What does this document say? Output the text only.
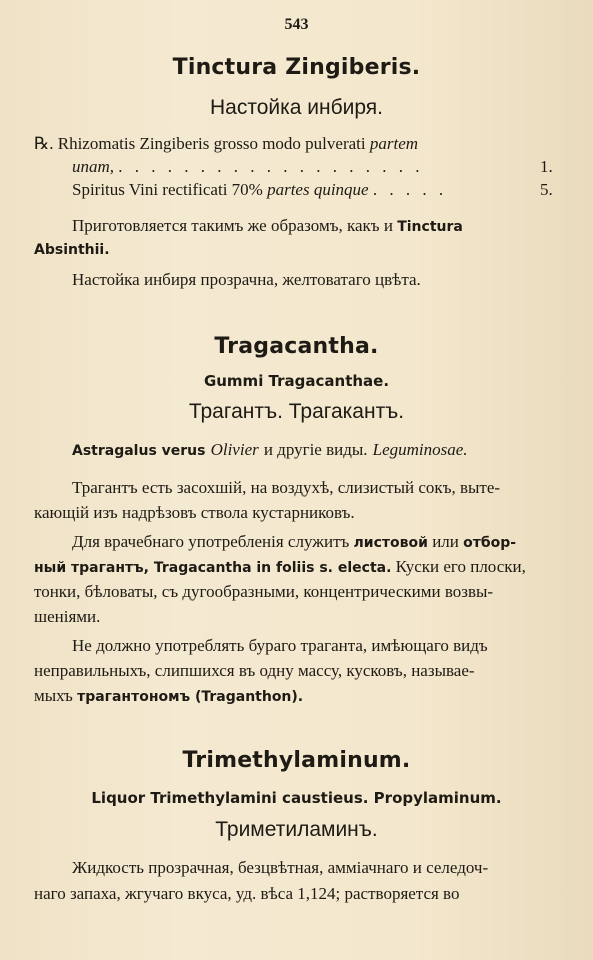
543
Tinctura Zingiberis.
Настойка инбиря.
℞. Rhizomatis Zingiberis grosso modo pulverati partem
unam, . . . . . . . . . . . . . . . . . . .	1.
Spiritus Vini rectificati 70% partes quinque . . . . .	5.
Приготовляется такимъ же образомъ, какъ и Tinctura
Absinthii.
Настойка инбиря прозрачна, желтоватаго цвѣта.
Tragacantha.
Gummi Tragacanthae.
Трагантъ. Трагакантъ.
Astragalus verus Olivier и другiе виды. Leguminosae.
Трагантъ есть засохшiй, на воздухѣ, слизистый сокъ, выте-
кающiй изъ надрѣзовъ ствола кустарниковъ.
Для врачебнаго употребленiя служитъ листовой или отбор-
ный трагантъ, Tragacantha in foliis s. electa. Куски его плоски,
тонки, бѣловаты, съ дугообразными, концентрическими возвы-
шенiями.
Не должно употреблять бураго траганта, имѣющаго видъ
неправильныхъ, слипшихся въ одну массу, кусковъ, называе-
мыхъ трагантономъ (Traganthon).
Trimethylaminum.
Liquor Trimethylamini caustieus. Propylaminum.
Триметиламинъ.
Жидкость прозрачная, безцвѣтная, амміачнаго и селедоч-
наго запаха, жгучаго вкуса, уд. вѣса 1,124; растворяется во
